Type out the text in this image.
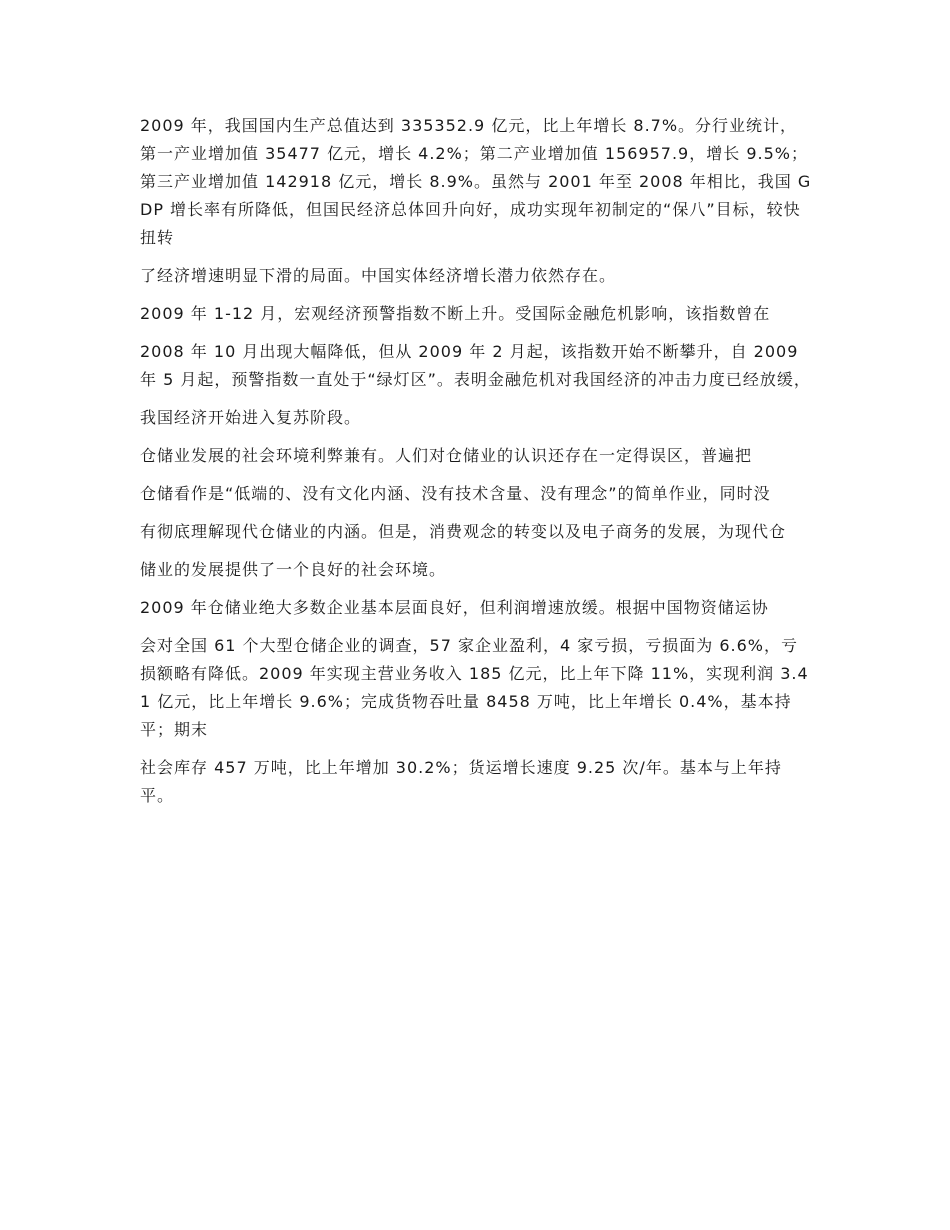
2009 年，我国国内生产总值达到 335352.9 亿元，比上年增长 8.7%。分行业统计，第一产业增加值 35477 亿元，增长 4.2%；第二产业增加值 156957.9，增长 9.5%；第三产业增加值 142918 亿元，增长 8.9%。虽然与 2001 年至 2008 年相比，我国 GDP 增长率有所降低，但国民经济总体回升向好，成功实现年初制定的“保八”目标，较快扭转

了经济增速明显下滑的局面。中国实体经济增长潜力依然存在。

2009 年 1-12 月，宏观经济预警指数不断上升。受国际金融危机影响，该指数曾在

2008 年 10 月出现大幅降低，但从 2009 年 2 月起，该指数开始不断攀升，自 2009 年 5 月起，预警指数一直处于“绿灯区”。表明金融危机对我国经济的冲击力度已经放缓，

我国经济开始进入复苏阶段。

仓储业发展的社会环境利弊兼有。人们对仓储业的认识还存在一定得误区，普遍把

仓储看作是“低端的、没有文化内涵、没有技术含量、没有理念”的简单作业，同时没

有彻底理解现代仓储业的内涵。但是，消费观念的转变以及电子商务的发展，为现代仓

储业的发展提供了一个良好的社会环境。

2009 年仓储业绝大多数企业基本层面良好，但利润增速放缓。根据中国物资储运协

会对全国 61 个大型仓储企业的调查，57 家企业盈利，4 家亏损，亏损面为 6.6%，亏损额略有降低。2009 年实现主营业务收入 185 亿元，比上年下降 11%，实现利润 3.41 亿元，比上年增长 9.6%；完成货物吞吐量 8458 万吨，比上年增长 0.4%，基本持平；期末

社会库存 457 万吨，比上年增加 30.2%；货运增长速度 9.25 次/年。基本与上年持平。
